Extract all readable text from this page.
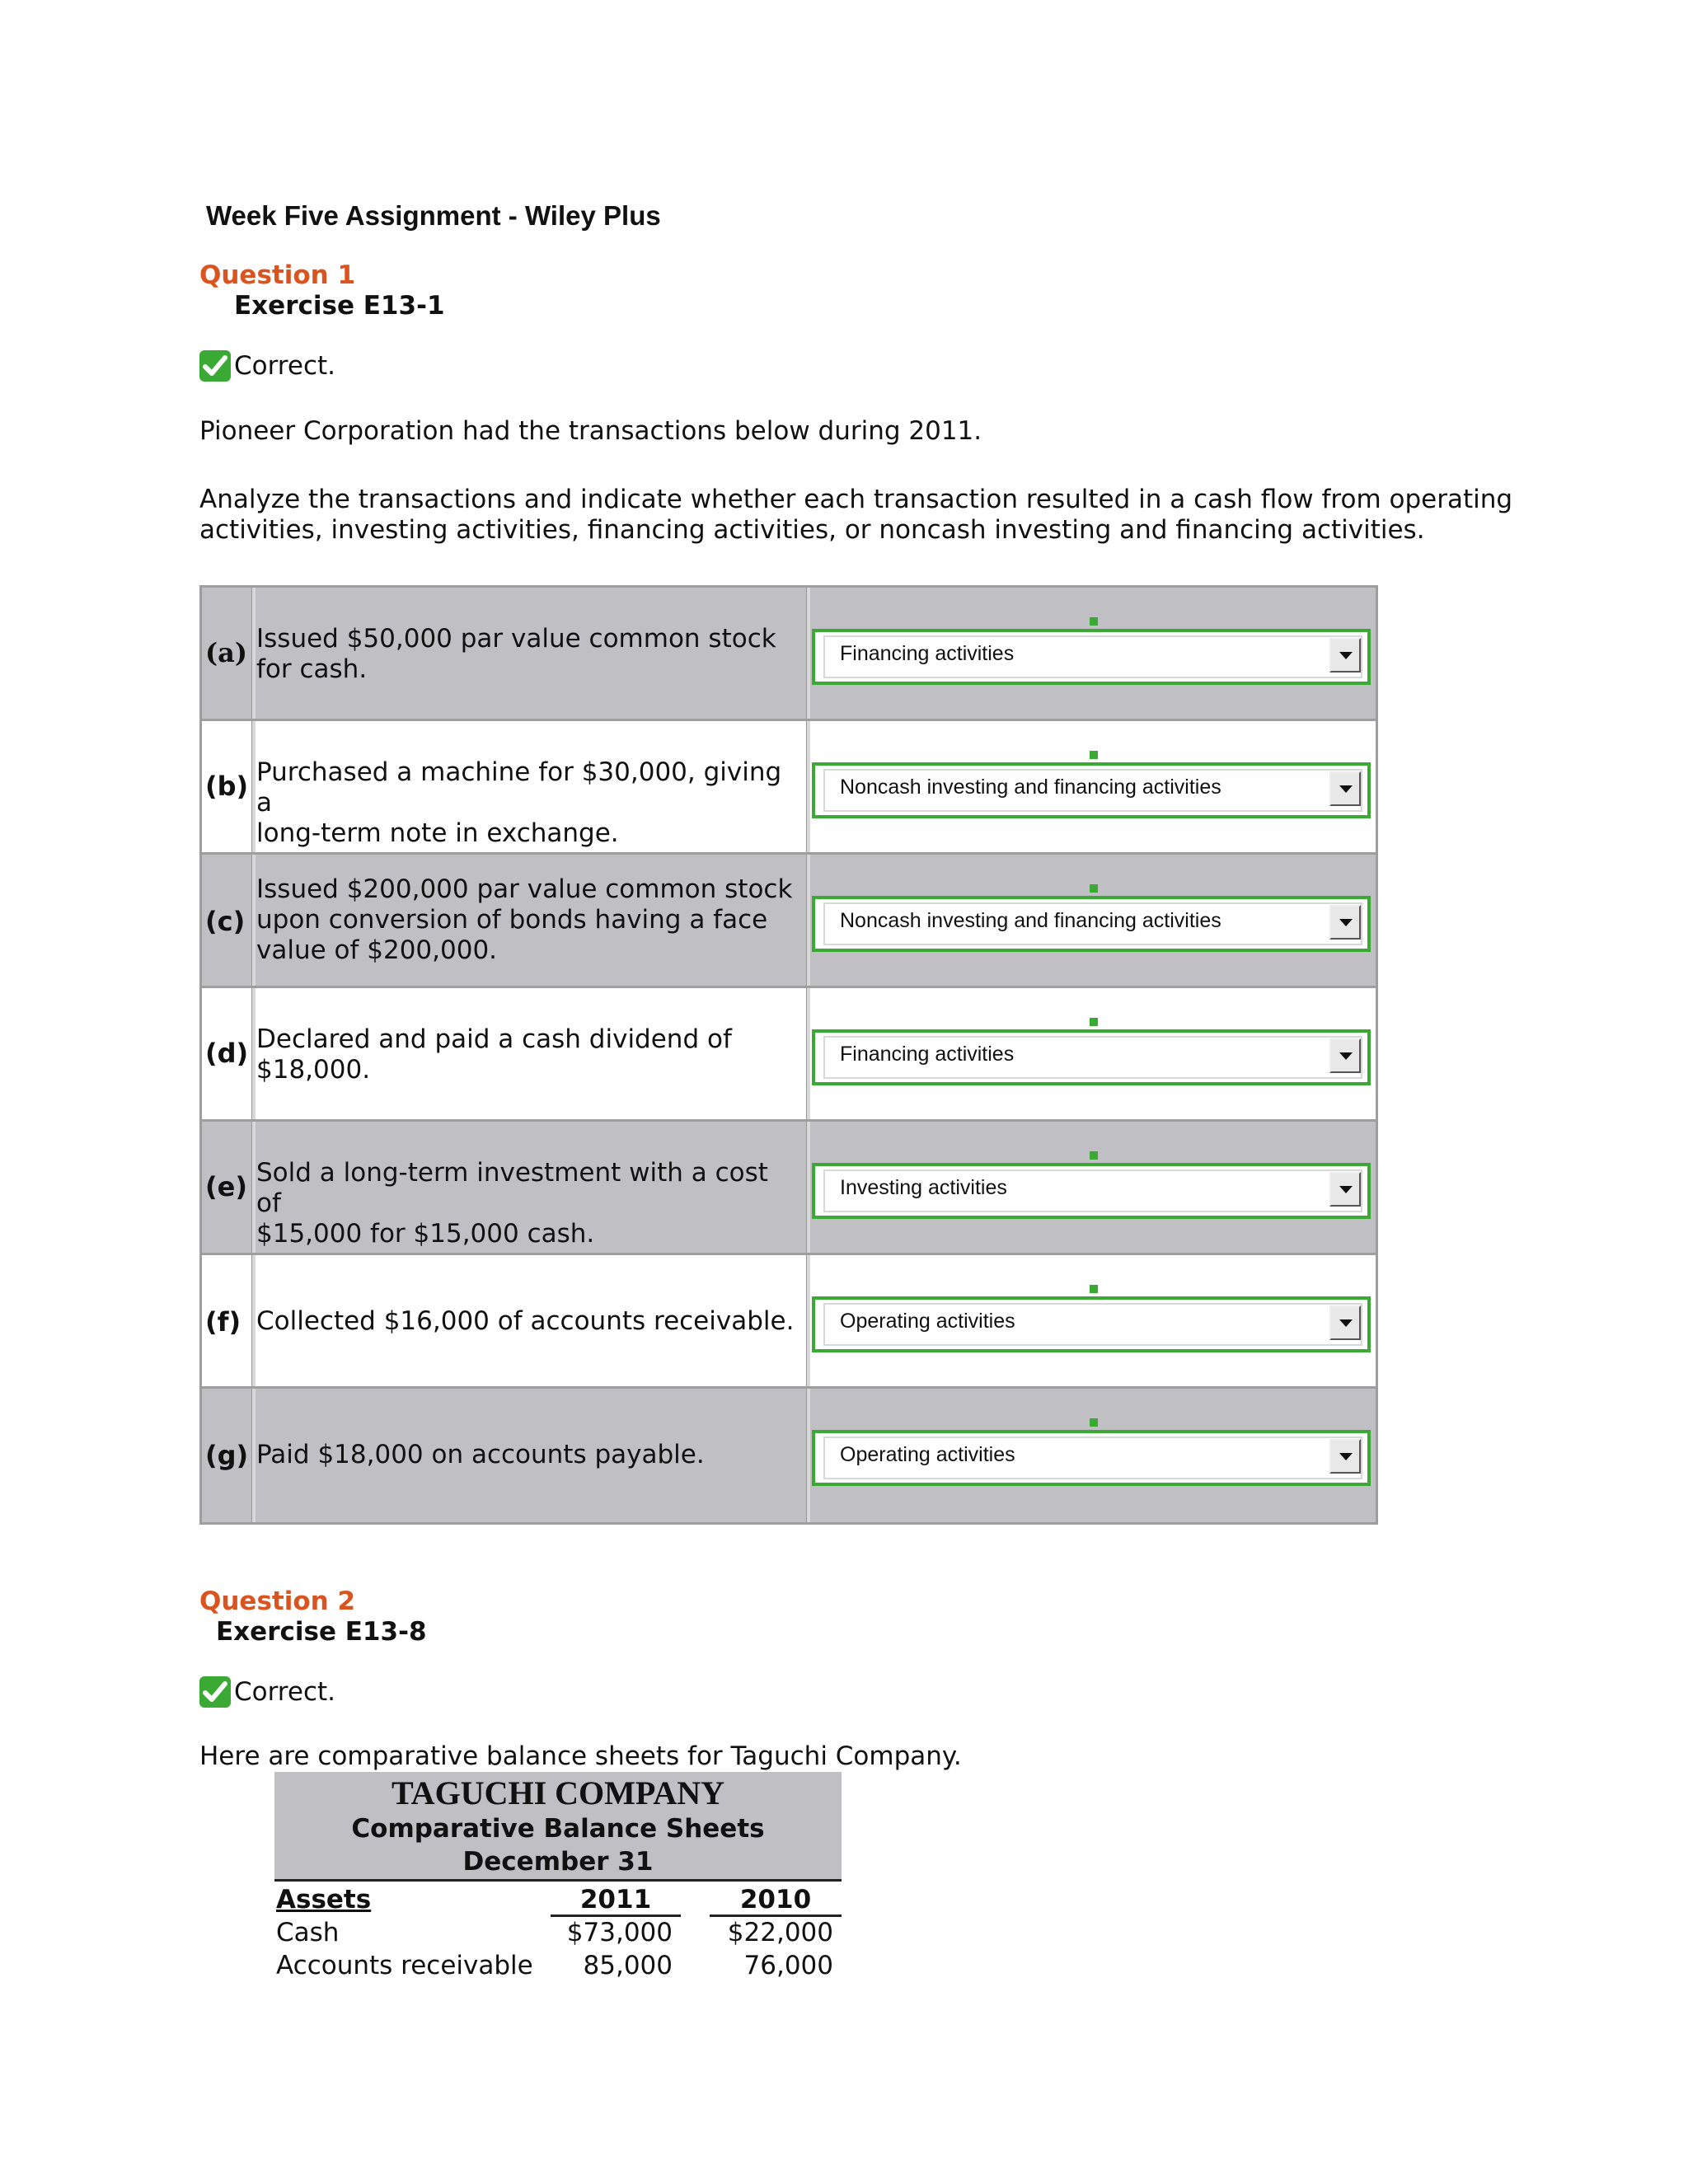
Week Five Assignment - Wiley Plus
Question 1
Exercise E13-1
Correct.
Pioneer Corporation had the transactions below during 2011.
Analyze the transactions and indicate whether each transaction resulted in a cash flow from operating
activities, investing activities, financing activities, or noncash investing and financing activities.
(a) Issued $50,000 par value common stock
for cash.
Financing activities
(b) Purchased a machine for $30,000, giving a
long-term note in exchange.
Noncash investing and financing activities
(c)
Issued $200,000 par value common stock
upon conversion of bonds having a face
value of $200,000.
Noncash investing and financing activities
(d) Declared and paid a cash dividend of
$18,000.
Financing activities
(e) Sold a long-term investment with a cost of
$15,000 for $15,000 cash.
Investing activities
(f) Collected $16,000 of accounts receivable.	Operating activities
(g) Paid $18,000 on accounts payable.	Operating activities
Question 2
Exercise E13-8
Correct.
Here are comparative balance sheets for Taguchi Company.
TAGUCHI COMPANY
Comparative Balance Sheets
December 31
Assets	2011	2010
Cash	$73,000 $22,000
Accounts receivable 85,000	76,000
